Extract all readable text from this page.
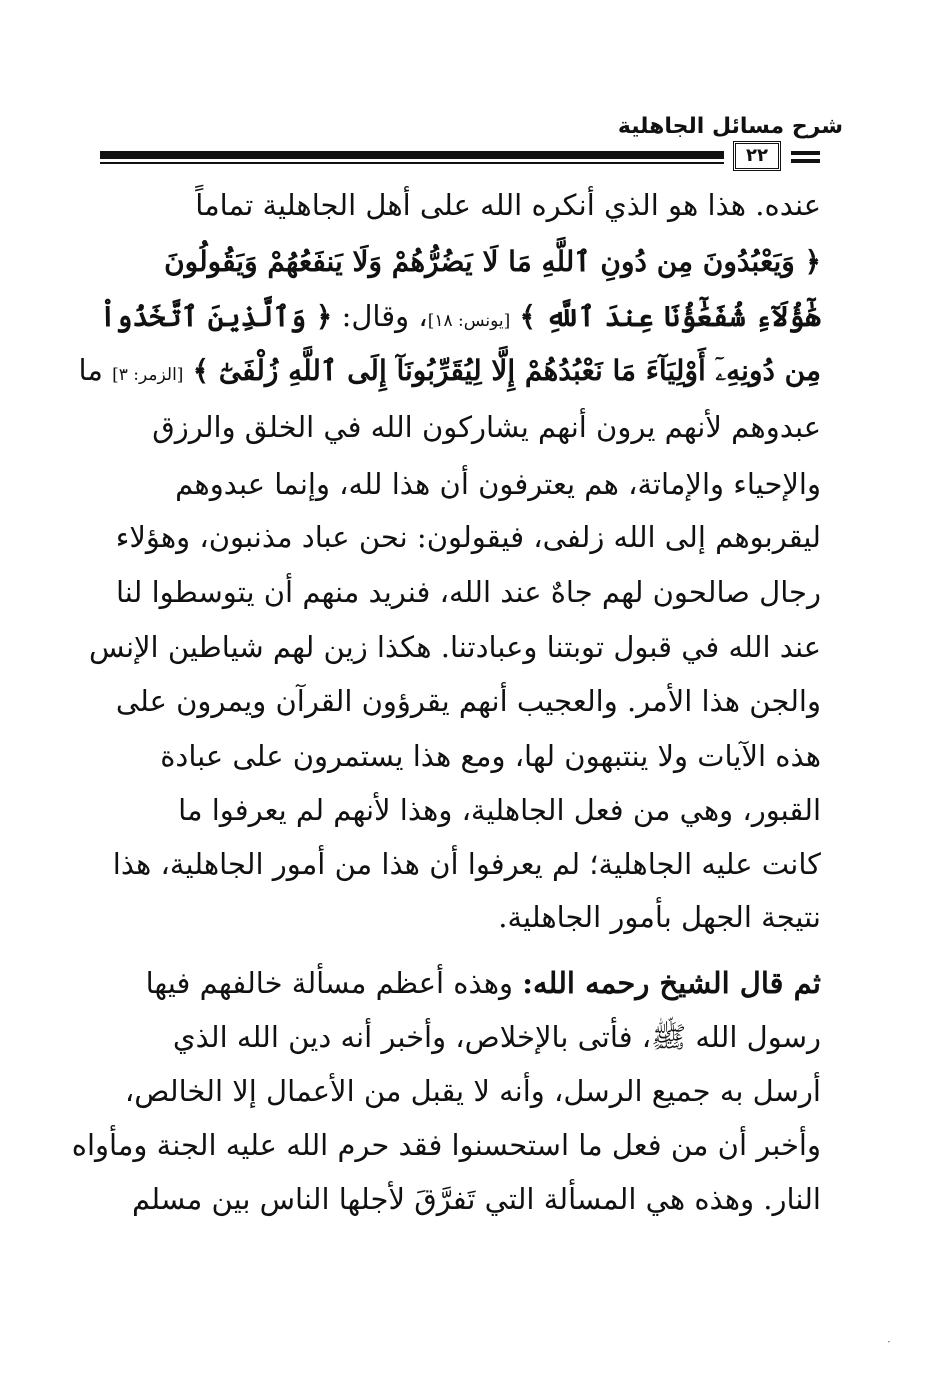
شرح مسائل الجاهلية
٢٢
عنده. هذا هو الذي أنكره الله على أهل الجاهلية تماماً
﴿ وَيَعْبُدُونَ مِن دُونِ ٱللَّهِ مَا لَا يَضُرُّهُمْ وَلَا يَنفَعُهُمْ وَيَقُولُونَ
هَٰٓؤُلَآءِ شُفَعَٰٓؤُنَا عِندَ ٱللَّهِ ﴾ [يونس: ١٨]، وقال: ﴿ وَٱلَّذِينَ ٱتَّخَذُواْ
مِن دُونِهِۦٓ أَوْلِيَآءَ مَا نَعْبُدُهُمْ إِلَّا لِيُقَرِّبُونَآ إِلَى ٱللَّهِ زُلْفَىٰٓ ﴾ [الزمر: ٣] ما
عبدوهم لأنهم يرون أنهم يشاركون الله في الخلق والرزق
والإحياء والإماتة، هم يعترفون أن هذا لله، وإنما عبدوهم
ليقربوهم إلى الله زلفى، فيقولون: نحن عباد مذنبون، وهؤلاء
رجال صالحون لهم جاهٌ عند الله، فنريد منهم أن يتوسطوا لنا
عند الله في قبول توبتنا وعبادتنا. هكذا زين لهم شياطين الإنس
والجن هذا الأمر. والعجيب أنهم يقرؤون القرآن ويمرون على
هذه الآيات ولا ينتبهون لها، ومع هذا يستمرون على عبادة
القبور، وهي من فعل الجاهلية، وهذا لأنهم لم يعرفوا ما
كانت عليه الجاهلية؛ لم يعرفوا أن هذا من أمور الجاهلية، هذا
نتيجة الجهل بأمور الجاهلية.
ثم قال الشيخ رحمه الله: وهذه أعظم مسألة خالفهم فيها
رسول الله ﷺ، فأتى بالإخلاص، وأخبر أنه دين الله الذي
أرسل به جميع الرسل، وأنه لا يقبل من الأعمال إلا الخالص،
وأخبر أن من فعل ما استحسنوا فقد حرم الله عليه الجنة ومأواه
النار. وهذه هي المسألة التي تَفرَّقَ لأجلها الناس بين مسلم
·
